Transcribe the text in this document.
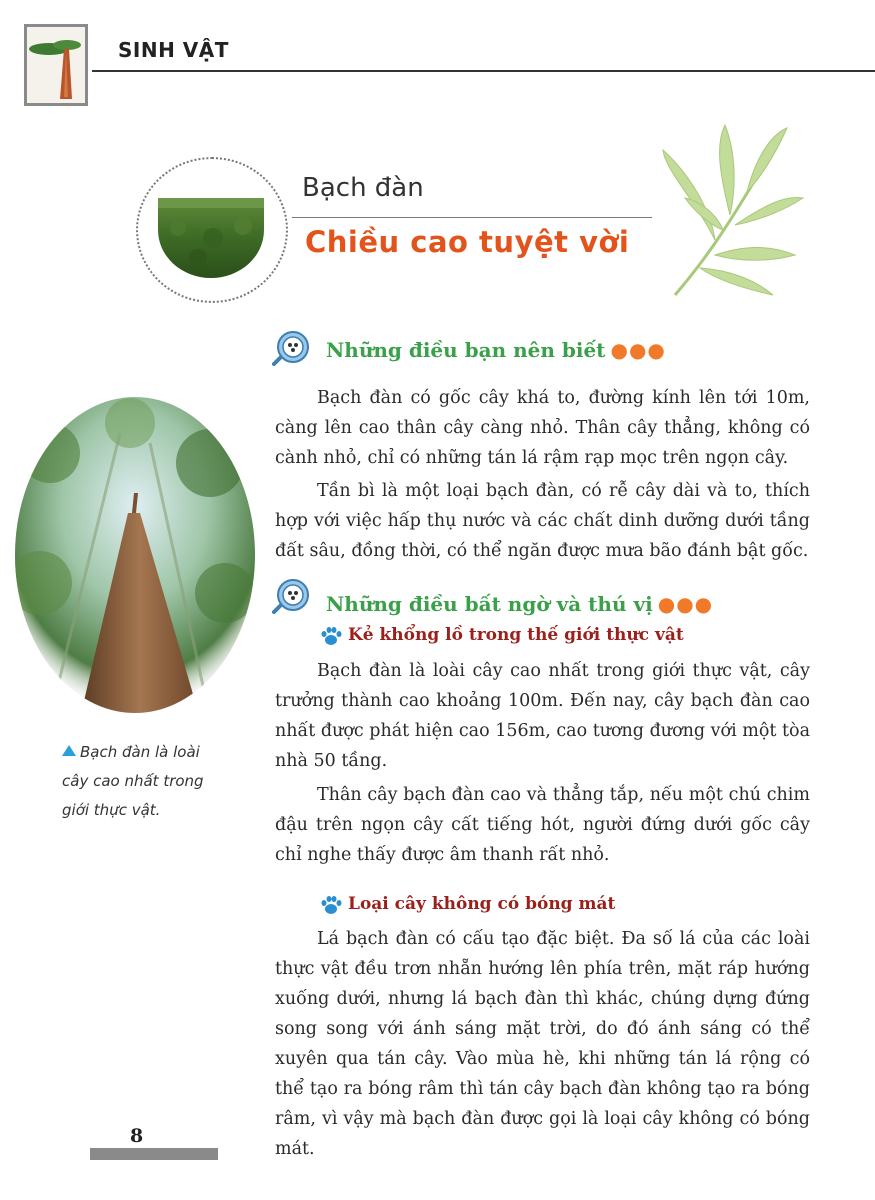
SINH VẬT
Bạch đàn
Chiều cao tuyệt vời
Những điều bạn nên biết ●●●
Bạch đàn có gốc cây khá to, đường kính lên tới 10m, càng lên cao thân cây càng nhỏ. Thân cây thẳng, không có cành nhỏ, chỉ có những tán lá rậm rạp mọc trên ngọn cây.
Tần bì là một loại bạch đàn, có rễ cây dài và to, thích hợp với việc hấp thụ nước và các chất dinh dưỡng dưới tầng đất sâu, đồng thời, có thể ngăn được mưa bão đánh bật gốc.
Những điều bất ngờ và thú vị ●●●
Kẻ khổng lồ trong thế giới thực vật
Bạch đàn là loài cây cao nhất trong giới thực vật, cây trưởng thành cao khoảng 100m. Đến nay, cây bạch đàn cao nhất được phát hiện cao 156m, cao tương đương với một tòa nhà 50 tầng.
Thân cây bạch đàn cao và thẳng tắp, nếu một chú chim đậu trên ngọn cây cất tiếng hót, người đứng dưới gốc cây chỉ nghe thấy được âm thanh rất nhỏ.
Loại cây không có bóng mát
Lá bạch đàn có cấu tạo đặc biệt. Đa số lá của các loài thực vật đều trơn nhẵn hướng lên phía trên, mặt ráp hướng xuống dưới, nhưng lá bạch đàn thì khác, chúng dựng đứng song song với ánh sáng mặt trời, do đó ánh sáng có thể xuyên qua tán cây. Vào mùa hè, khi những tán lá rộng có thể tạo ra bóng râm thì tán cây bạch đàn không tạo ra bóng râm, vì vậy mà bạch đàn được gọi là loại cây không có bóng mát.
Bạch đàn là loài cây cao nhất trong giới thực vật.
8
